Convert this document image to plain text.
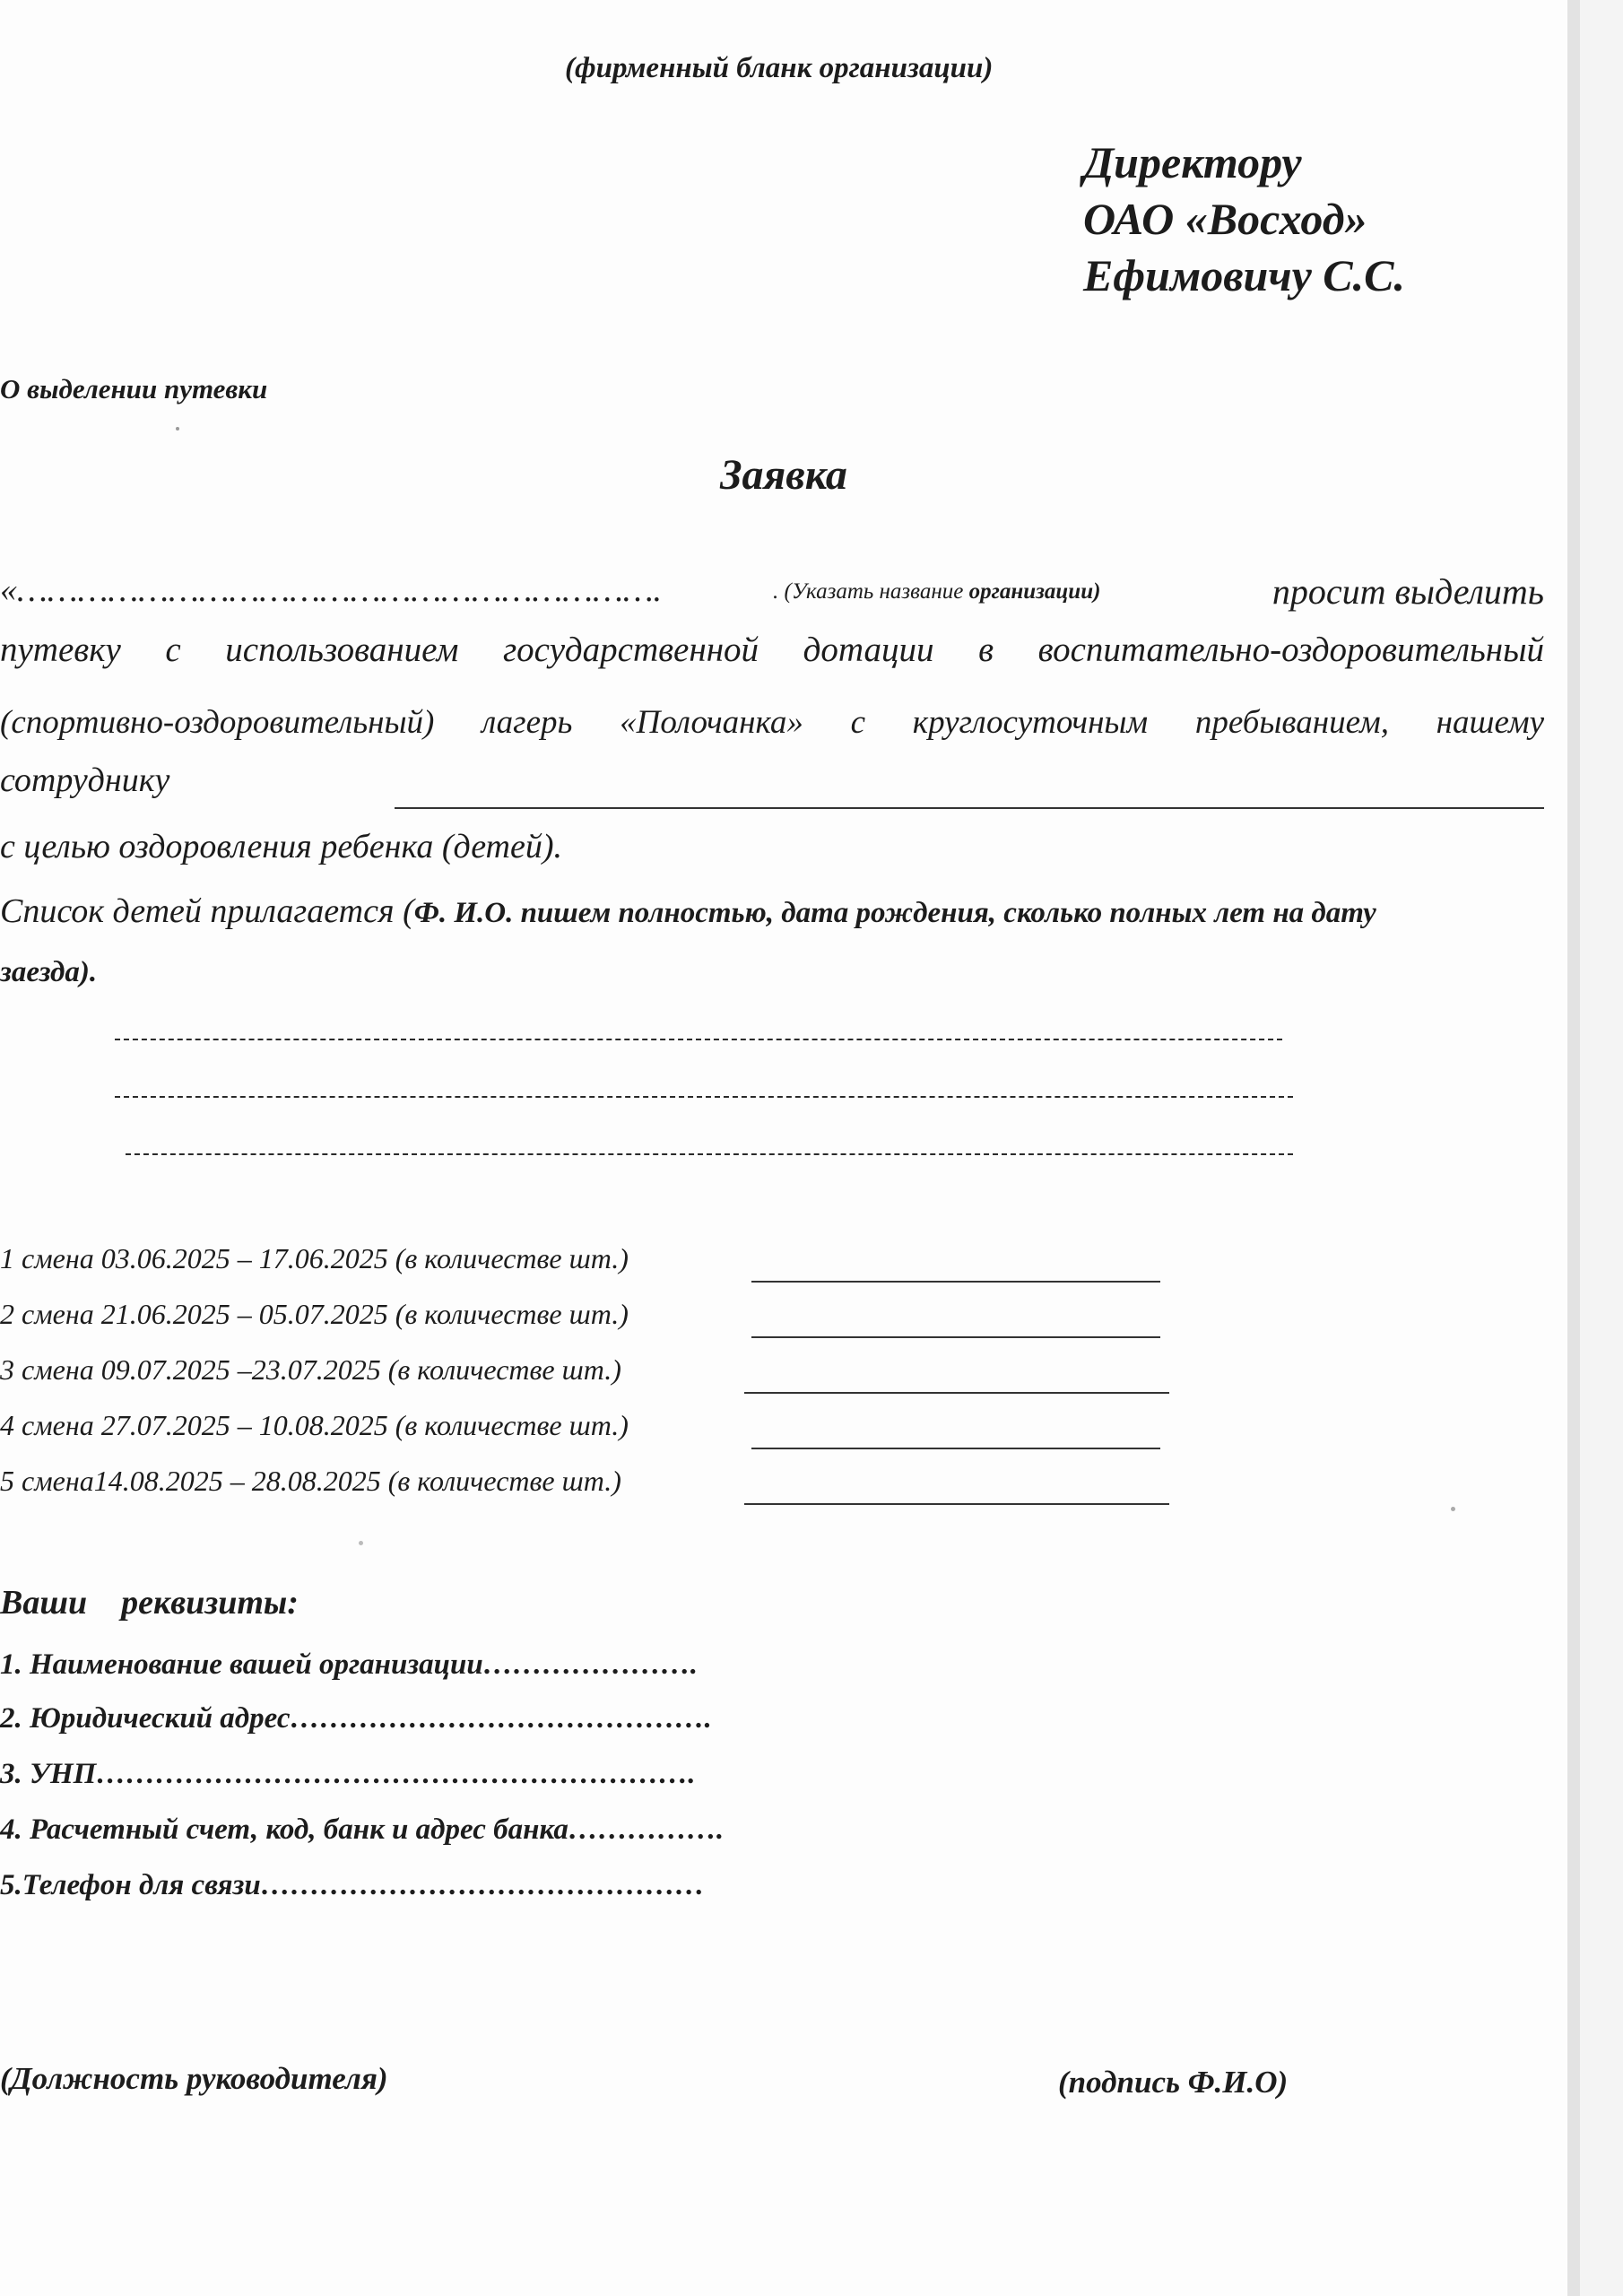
(фирменный бланк организации)
Директору
ОАО «Восход»
Ефимовичу С.С.
О выделении путевки
Заявка
«……………………………………………………….	. (Указать название организации)	просит выделить
путевку с использованием государственной дотации в воспитательно-оздоровительный
(спортивно-оздоровительный) лагерь «Полочанка» с круглосуточным пребыванием, нашему
сотруднику
с целью оздоровления ребенка (детей).
Список детей прилагается (Ф. И.О. пишем полностью, дата рождения, сколько полных лет на дату
заезда).
1 смена 03.06.2025 – 17.06.2025 (в количестве шт.)
2 смена 21.06.2025 – 05.07.2025 (в количестве шт.)
3 смена 09.07.2025 –23.07.2025 (в количестве шт.)
4 смена 27.07.2025 – 10.08.2025 (в количестве шт.)
5 смена14.08.2025 – 28.08.2025 (в количестве шт.)
Ваши    реквизиты:
1. Наименование вашей организации………………….
2. Юридический адрес…………………………………….
3. УНП…………………………………………………….
4. Расчетный счет, код, банк и адрес банка…………….
5.Телефон для связи………………………………………
(Должность руководителя)	(подпись Ф.И.О)
